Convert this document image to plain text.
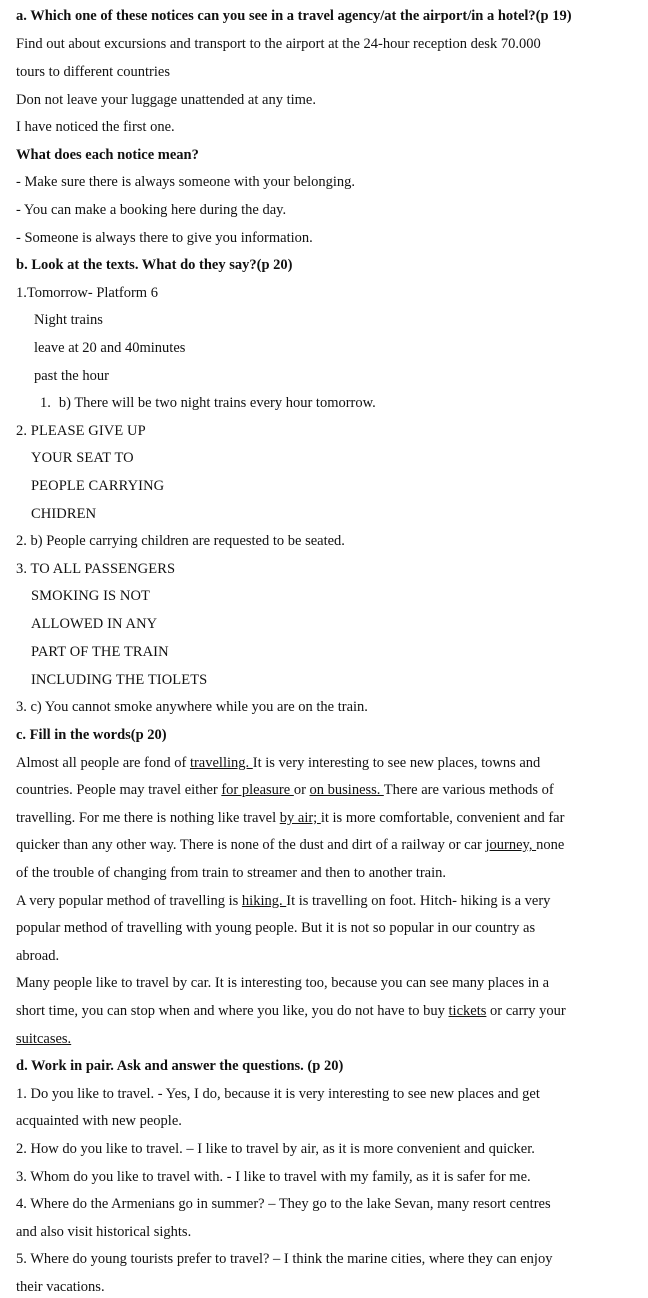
a. Which one of these notices can you see in a travel agency/at the airport/in a hotel?(p 19)
Find out about excursions and transport to the airport at the 24-hour reception desk 70.000
tours to different countries
Don not leave your luggage unattended at any time.
I have noticed the first one.
What does each notice mean?
- Make sure there is always someone with your belonging.
- You can make a booking here during the day.
- Someone is always there to give you information.
b. Look at the texts. What do they say?(p 20)
1.Tomorrow- Platform 6
Night trains
leave at 20 and 40minutes
past the hour
1. b) There will be two night trains every hour tomorrow.
2. PLEASE GIVE UP
YOUR SEAT TO
PEOPLE CARRYING
CHIDREN
2. b) People carrying children are requested to be seated.
3. TO ALL PASSENGERS
SMOKING IS NOT
ALLOWED IN ANY
PART OF THE TRAIN
INCLUDING THE TIOLETS
3. c) You cannot smoke anywhere while you are on the train.
c. Fill in the words(p 20)
Almost all people are fond of travelling. It is very interesting to see new places, towns and
countries. People may travel either for pleasure or on business. There are various methods of
travelling. For me there is nothing like travel by air; it is more comfortable, convenient and far
quicker than any other way. There is none of the dust and dirt of a railway or car journey, none
of the trouble of changing from train to streamer and then to another train.
A very popular method of travelling is hiking. It is travelling on foot. Hitch- hiking is a very
popular method of travelling with young people. But it is not so popular in our country as
abroad.
Many people like to travel by car. It is interesting too, because you can see many places in a
short time, you can stop when and where you like, you do not have to buy tickets or carry your
suitcases.
d. Work in pair. Ask and answer the questions. (p 20)
1. Do you like to travel. - Yes, I do, because it is very interesting to see new places and get
acquainted with new people.
2. How do you like to travel. – I like to travel by air, as it is more convenient and quicker.
3. Whom do you like to travel with. - I like to travel with my family, as it is safer for me.
4. Where do the Armenians go in summer? – They go to the lake Sevan, many resort centres
and also visit historical sights.
5. Where do young tourists prefer to travel? – I think the marine cities, where they can enjoy
their vacations.
